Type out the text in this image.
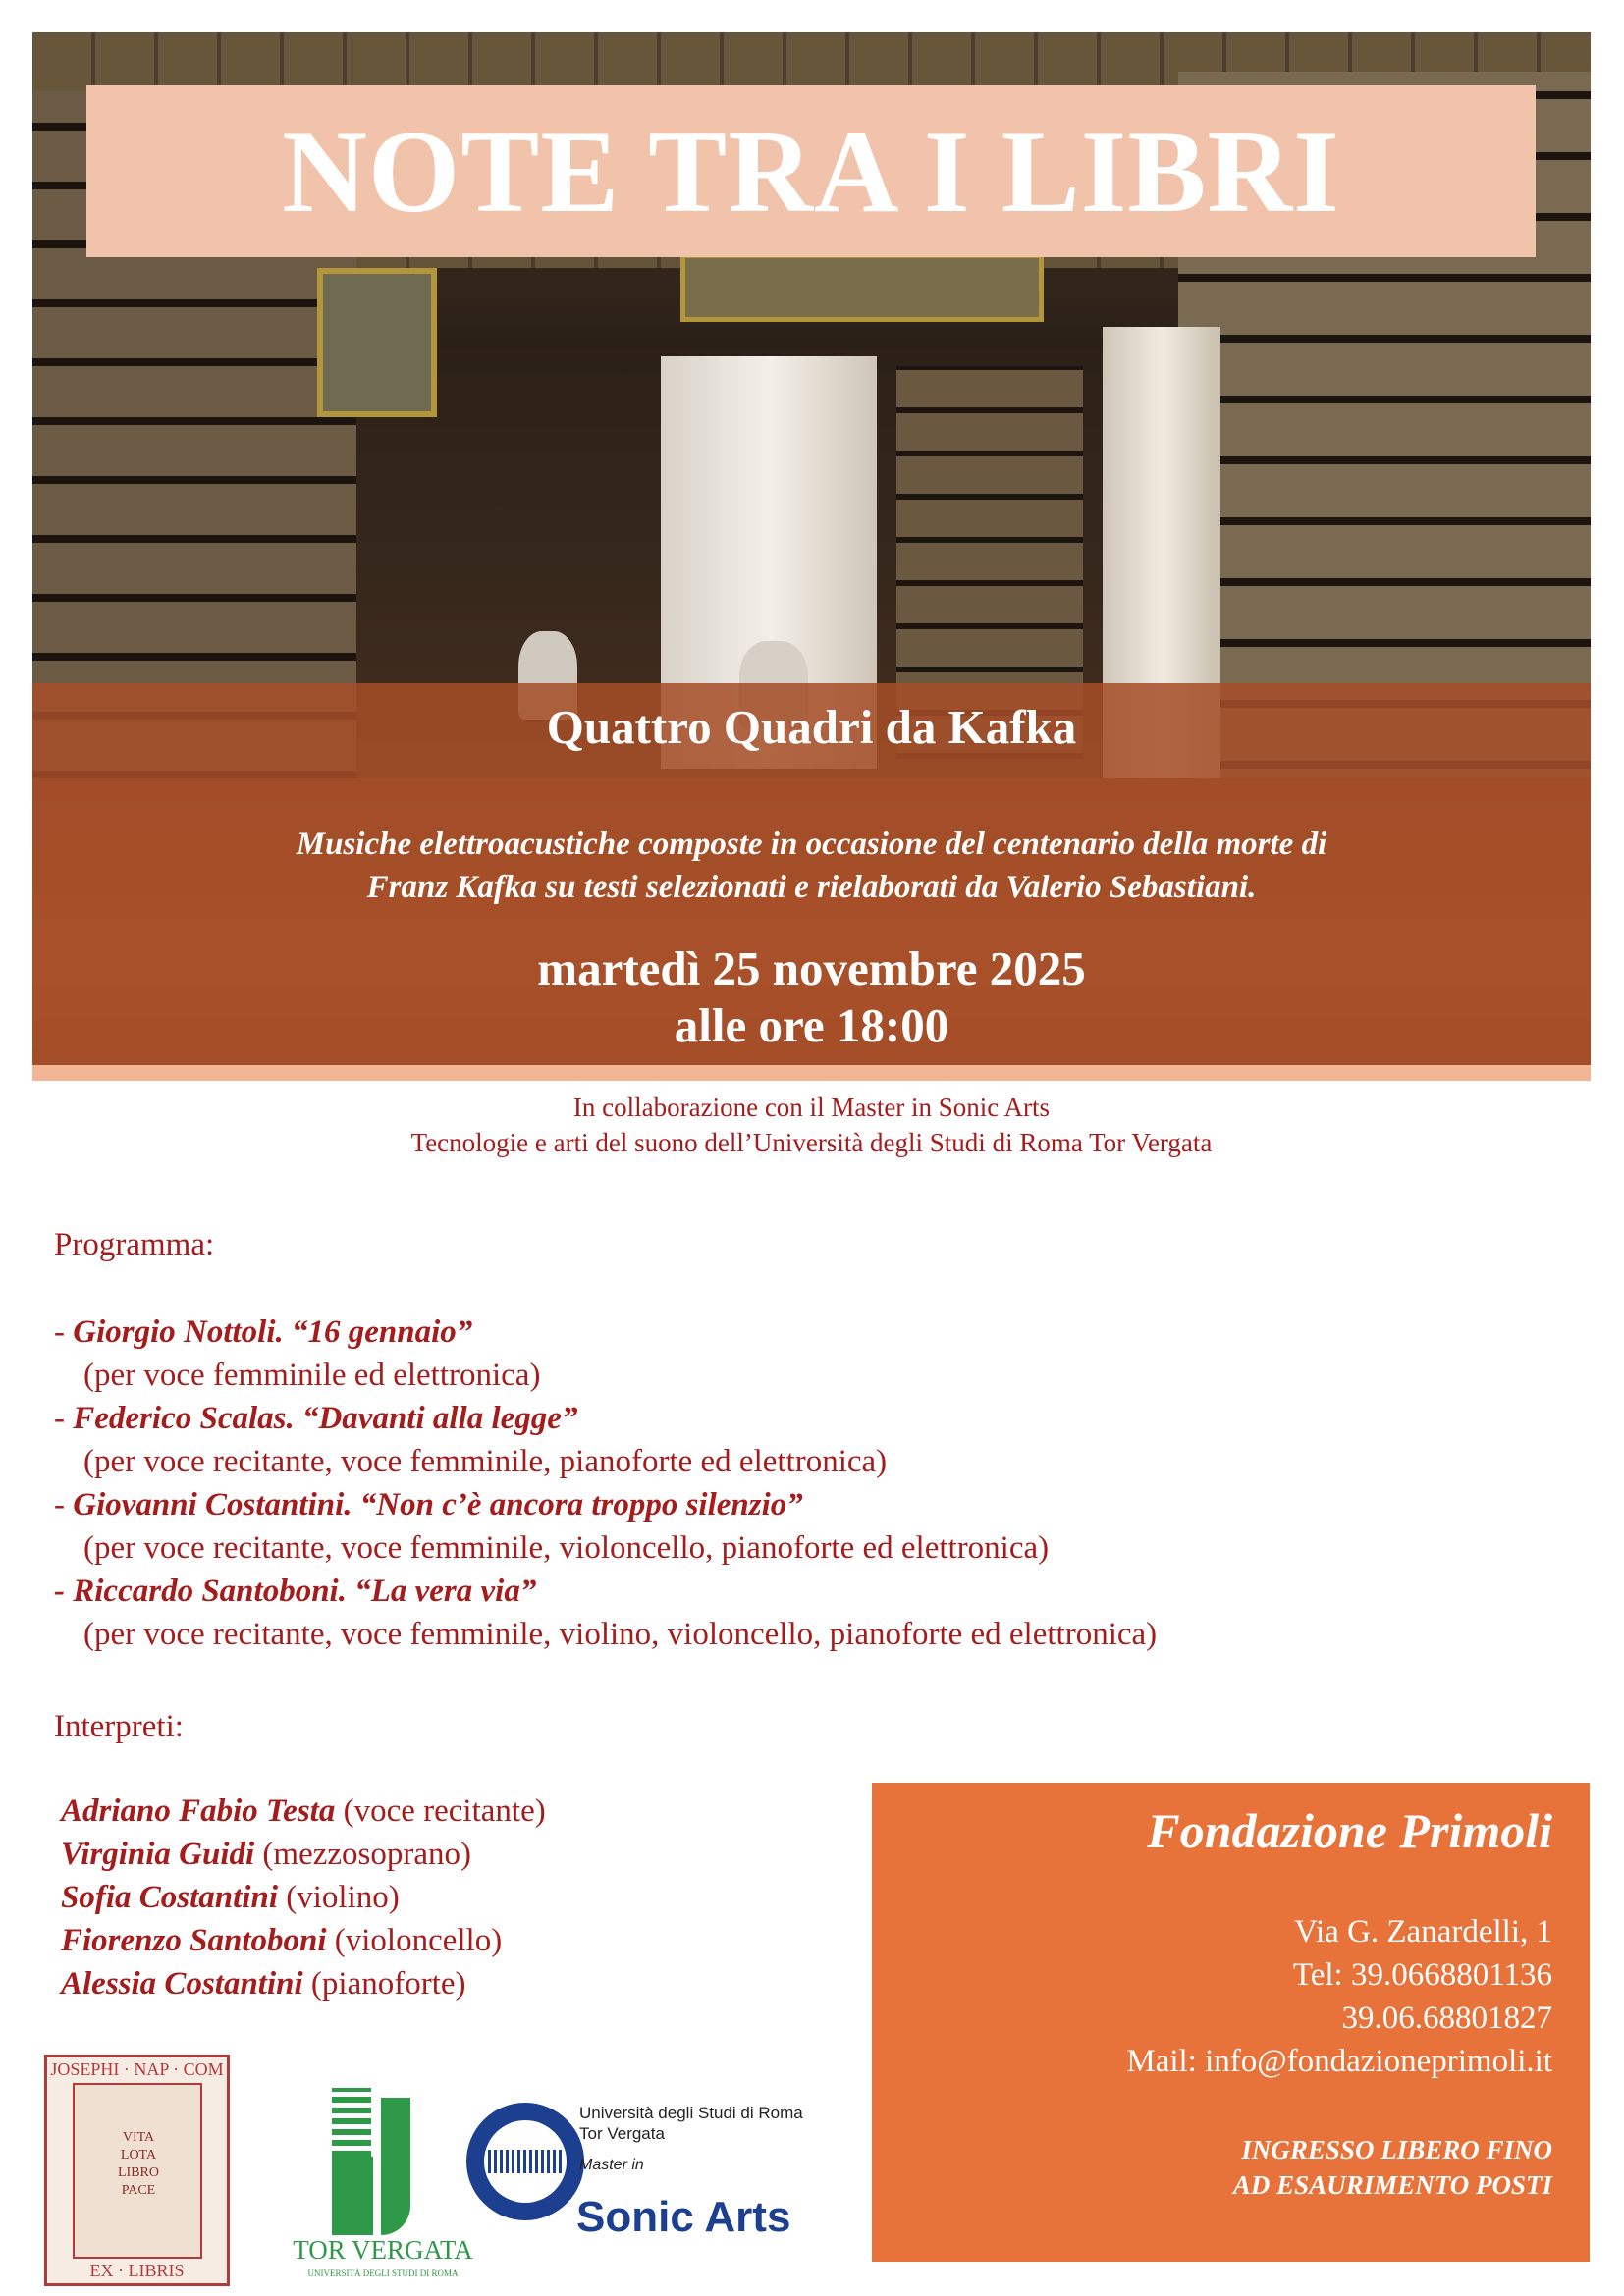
NOTE TRA I LIBRI
Quattro Quadri da Kafka
Musiche elettroacustiche composte in occasione del centenario della morte di
Franz Kafka su testi selezionati e rielaborati da Valerio Sebastiani.
martedì 25 novembre 2025
alle ore 18:00
In collaborazione con il Master in Sonic Arts
Tecnologie e arti del suono dell’Università degli Studi di Roma Tor Vergata
Programma:
- Giorgio Nottoli. “16 gennaio”
(per voce femminile ed elettronica)
- Federico Scalas. “Davanti alla legge”
(per voce recitante, voce femminile, pianoforte ed elettronica)
- Giovanni Costantini. “Non c’è ancora troppo silenzio”
(per voce recitante, voce femminile, violoncello, pianoforte ed elettronica)
- Riccardo Santoboni. “La vera via”
(per voce recitante, voce femminile, violino, violoncello, pianoforte ed elettronica)
Interpreti:
Adriano Fabio Testa (voce recitante)
Virginia Guidi (mezzosoprano)
Sofia Costantini (violino)
Fiorenzo Santoboni (violoncello)
Alessia Costantini (pianoforte)
Fondazione Primoli
Via G. Zanardelli, 1
Tel: 39.0668801136
39.06.68801827
Mail: info@fondazioneprimoli.it
INGRESSO LIBERO FINO
AD ESAURIMENTO POSTI
JOSEPHI · NAP · COM
VITA LOTA LIBRO PACE
EX · LIBRIS
TOR VERGATA
UNIVERSITÀ DEGLI STUDI DI ROMA
Università degli Studi di Roma
Tor Vergata
Master in
Sonic Arts
